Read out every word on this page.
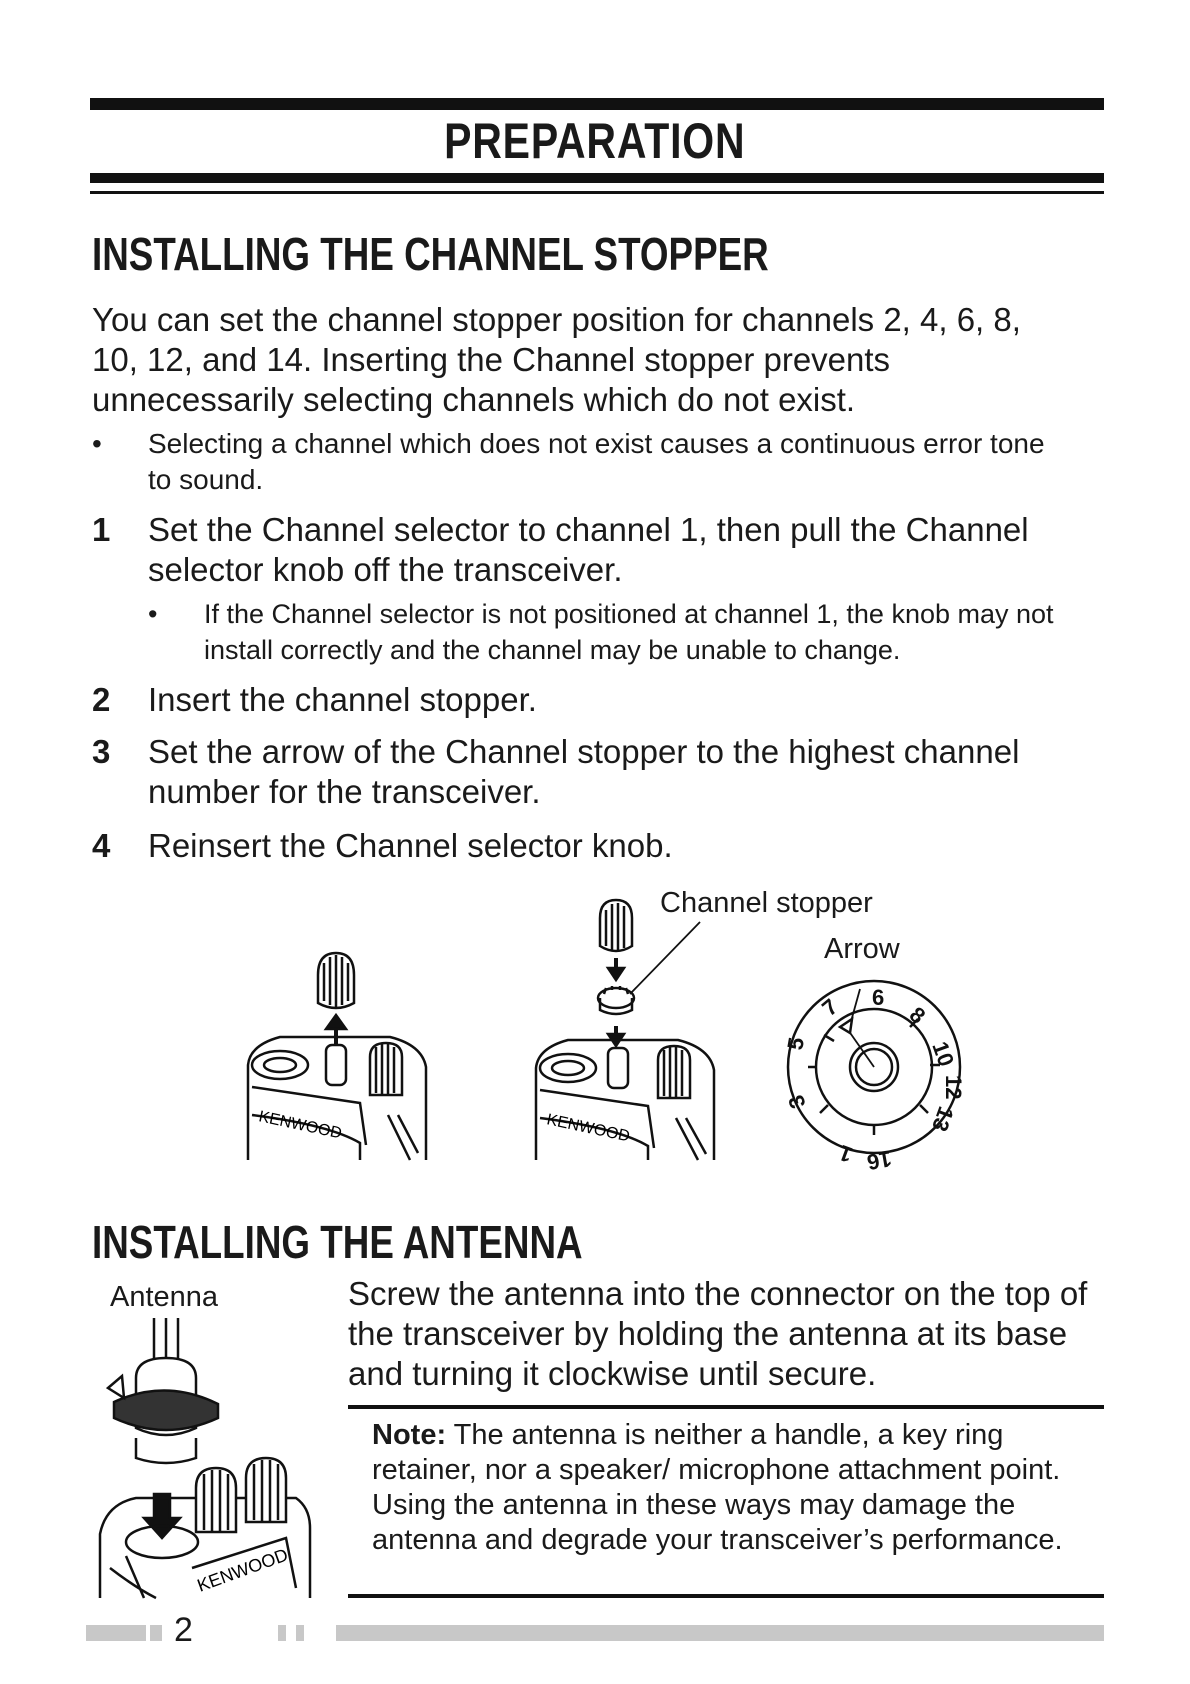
PREPARATION
INSTALLING THE CHANNEL STOPPER
You can set the channel stopper position for channels 2, 4, 6, 8, 10, 12, and 14. Inserting the Channel stopper prevents unnecessarily selecting channels which do not exist.
• Selecting a channel which does not exist causes a continuous error tone to sound.
1 Set the Channel selector to channel 1, then pull the Channel selector knob off the transceiver.
• If the Channel selector is not positioned at channel 1, the knob may not install correctly and the channel may be unable to change.
2 Insert the channel stopper.
3 Set the arrow of the Channel stopper to the highest channel number for the transceiver.
4 Reinsert the Channel selector knob.
Channel stopper
Arrow
KENWOOD	KENWOOD
6
8
10
12
13
16
1
3
5
7
INSTALLING THE ANTENNA
Antenna
KENWOOD
Screw the antenna into the connector on the top of the transceiver by holding the antenna at its base and turning it clockwise until secure.
Note: The antenna is neither a handle, a key ring retainer, nor a speaker/ microphone attachment point. Using the antenna in these ways may damage the antenna and degrade your transceiver’s performance.
2
